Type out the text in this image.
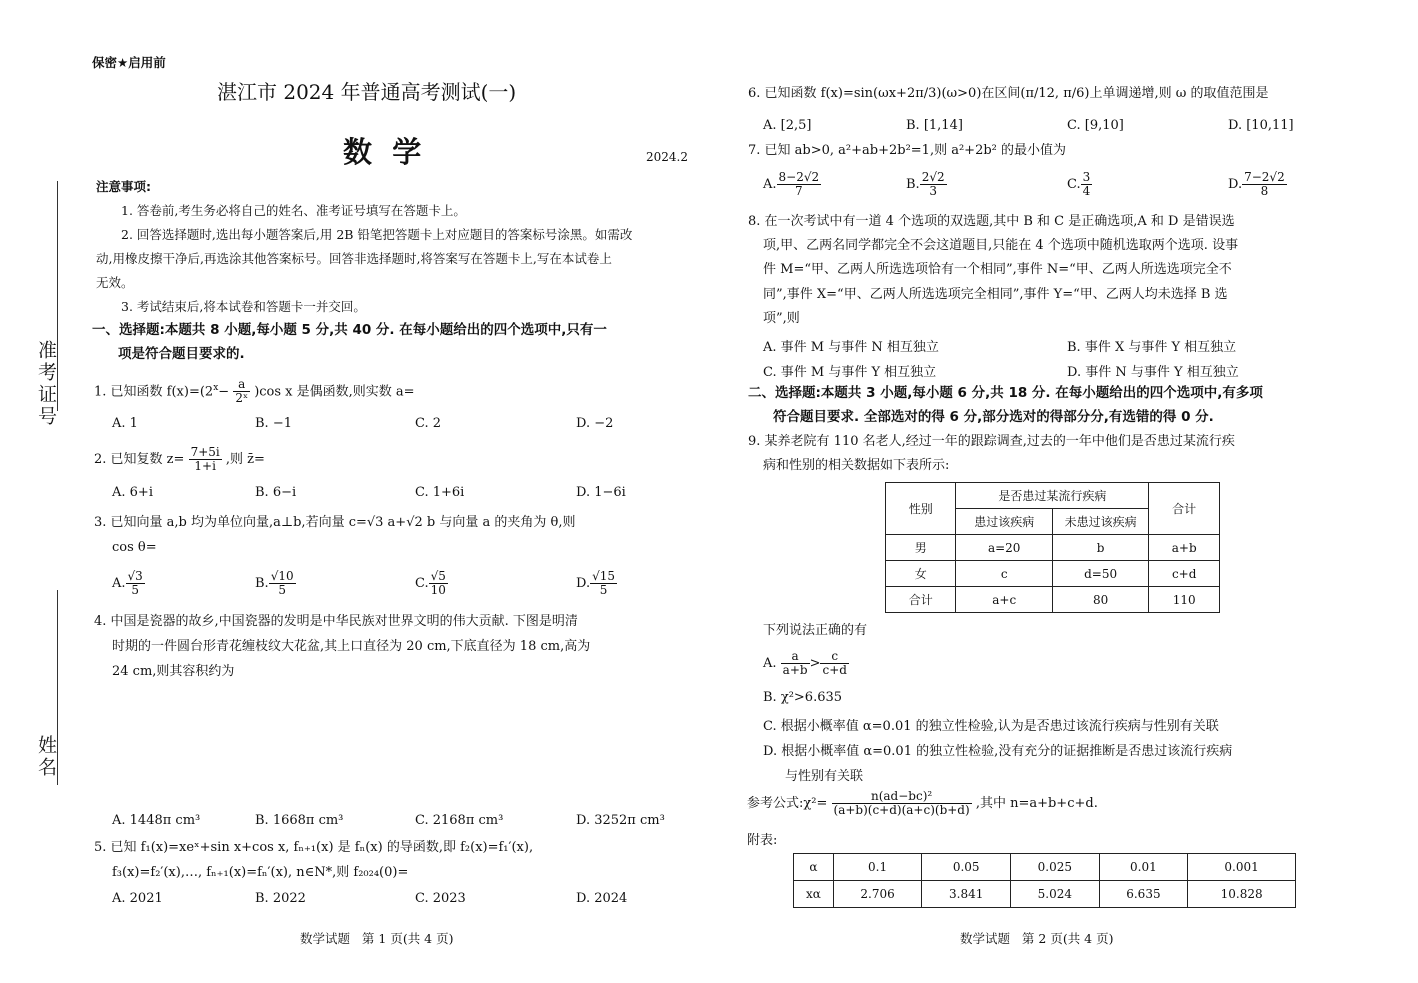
保密★启用前
湛江市 2024 年普通高考测试(一)
数  学	2024.2
准考证号
姓名
注意事项:
1. 答卷前,考生务必将自己的姓名、准考证号填写在答题卡上。
2. 回答选择题时,选出每小题答案后,用 2B 铅笔把答题卡上对应题目的答案标号涂黑。如需改
动,用橡皮擦干净后,再选涂其他答案标号。回答非选择题时,将答案写在答题卡上,写在本试卷上
无效。
3. 考试结束后,将本试卷和答题卡一并交回。
一、选择题:本题共 8 小题,每小题 5 分,共 40 分. 在每小题给出的四个选项中,只有一
项是符合题目要求的.
1. 已知函数 $f(x)=(2^x- \frac{a}{\text{2ˣ}} )\cos$ x 是偶函数,则实数 a=
A. 1	B. −1	C. 2	D. −2
2. 已知复数 $z= \frac{7+5i}{1+i}$ ,则 z̄=
A. 6+i	B. 6−i	C. 1+6i	D. 1−6i
3. 已知向量 a,b 均为单位向量,a⊥b,若向量 c=√3 a+√2 b 与向量 a 的夹角为 θ,则
cos θ=
A. $\frac{√3}{5}$	B. $\frac{√10}{5}$	C. $\frac{√5}{10}$	D. $\frac{√15}{5}$
4. 中国是瓷器的故乡,中国瓷器的发明是中华民族对世界文明的伟大贡献. 下图是明清
时期的一件圆台形青花缠枝纹大花盆,其上口直径为 20 cm,下底直径为 18 cm,高为
24 cm,则其容积约为
A. 1448π cm³	B. 1668π cm³	C. 2168π cm³	D. 3252π cm³
5. 已知 f₁(x)=xeˣ+sin x+cos x, fₙ₊₁(x) 是 fₙ(x) 的导函数,即 f₂(x)=f₁′(x),
f₃(x)=f₂′(x),…, fₙ₊₁(x)=fₙ′(x), n∈N*,则 f₂₀₂₄(0)=
A. 2021	B. 2022	C. 2023	D. 2024
数学试题   第 1 页(共 4 页)
6. 已知函数 f(x)=sin(ωx+2π/3)(ω>0)在区间(π/12, π/6)上单调递增,则 ω 的取值范围是
A. [2,5]	B. [1,14]	C. [9,10]	D. [10,11]
7. 已知 ab>0, a²+ab+2b²=1,则 a²+2b² 的最小值为
A. $\frac{8-2√2}{7}$	B. $\frac{2√2}{3}$	C. $\frac{3}{4}$	D. $\frac{7-2√2}{8}$
8. 在一次考试中有一道 4 个选项的双选题,其中 B 和 C 是正确选项,A 和 D 是错误选
项,甲、乙两名同学都完全不会这道题目,只能在 4 个选项中随机选取两个选项. 设事
件 M=“甲、乙两人所选选项恰有一个相同”,事件 N=“甲、乙两人所选选项完全不
同”,事件 X=“甲、乙两人所选选项完全相同”,事件 Y=“甲、乙两人均未选择 B 选
项”,则
A. 事件 M 与事件 N 相互独立	B. 事件 X 与事件 Y 相互独立
C. 事件 M 与事件 Y 相互独立	D. 事件 N 与事件 Y 相互独立
二、选择题:本题共 3 小题,每小题 6 分,共 18 分. 在每小题给出的四个选项中,有多项
符合题目要求. 全部选对的得 6 分,部分选对的得部分分,有选错的得 0 分.
9. 某养老院有 110 名老人,经过一年的跟踪调查,过去的一年中他们是否患过某流行疾
病和性别的相关数据如下表所示:
性别	是否患过某流行疾病		合计
	患过该疾病	未患过该疾病	
男	a=20	b	a+b
女	c	d=50	c+d
合计	a+c	80	110
下列说法正确的有
A. $\frac{a}{a+b} > \frac{c}{c+d}$
B. χ²>6.635
C. 根据小概率值 α=0.01 的独立性检验,认为是否患过该流行疾病与性别有关联
D. 根据小概率值 α=0.01 的独立性检验,没有充分的证据推断是否患过该流行疾病
与性别有关联
参考公式:χ²= $\frac{\text{n(ad−bc)²}}{(a+b)(c+d)(a+c)(b+d)}$ ,其中 n=a+b+c+d.
附表:
α	0.1	0.05	0.025	0.01	0.001
xα	2.706	3.841	5.024	6.635	10.828
数学试题   第 2 页(共 4 页)
